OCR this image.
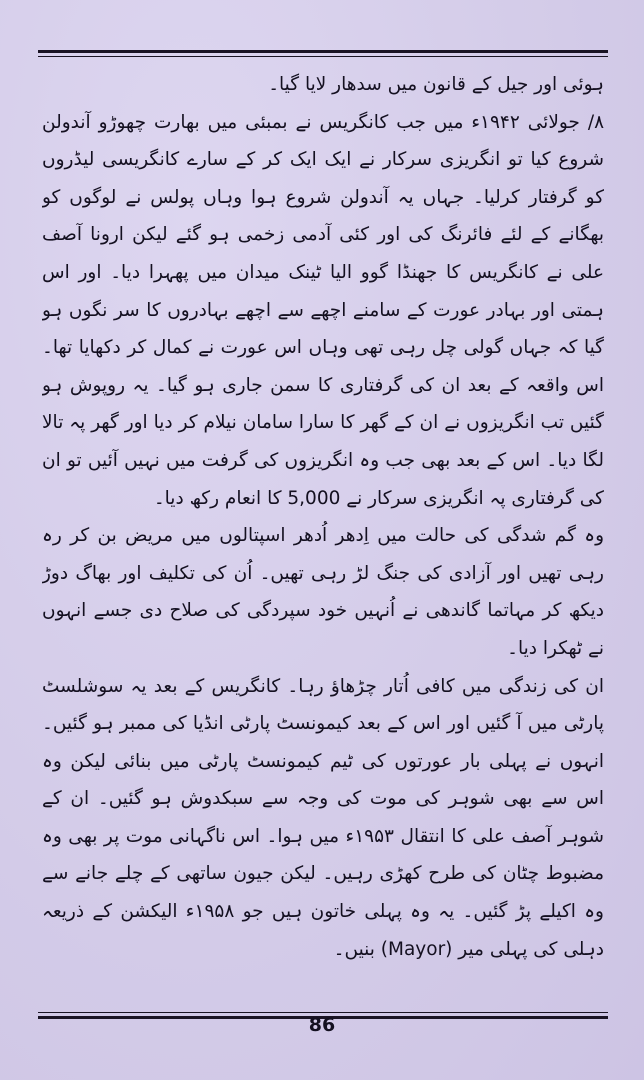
ہوئی اور جیل کے قانون میں سدھار لایا گیا۔

۸/ جولائی ۱۹۴۲ء میں جب کانگریس نے بمبئی میں بھارت چھوڑو آندولن شروع کیا تو انگریزی سرکار نے ایک ایک کر کے سارے کانگریسی لیڈروں کو گرفتار کرلیا۔ جہاں یہ آندولن شروع ہوا وہاں پولس نے لوگوں کو بھگانے کے لئے فائرنگ کی اور کئی آدمی زخمی ہو گئے لیکن ارونا آصف علی نے کانگریس کا جھنڈا گوو الیا ٹینک میدان میں پھہرا دیا۔ اور اس ہمتی اور بہادر عورت کے سامنے اچھے سے اچھے بہادروں کا سر نگوں ہو گیا کہ جہاں گولی چل رہی تھی وہاں اس عورت نے کمال کر دکھایا تھا۔ اس واقعہ کے بعد ان کی گرفتاری کا سمن جاری ہو گیا۔ یہ روپوش ہو گئیں تب انگریزوں نے ان کے گھر کا سارا سامان نیلام کر دیا اور گھر پہ تالا لگا دیا۔ اس کے بعد بھی جب وہ انگریزوں کی گرفت میں نہیں آئیں تو ان کی گرفتاری پہ انگریزی سرکار نے 5,000 کا انعام رکھ دیا۔

وہ گم شدگی کی حالت میں اِدھر اُدھر اسپتالوں میں مریض بن کر رہ رہی تھیں اور آزادی کی جنگ لڑ رہی تھیں۔ اُن کی تکلیف اور بھاگ دوڑ دیکھ کر مہاتما گاندھی نے اُنہیں خود سپردگی کی صلاح دی جسے انہوں نے ٹھکرا دیا۔

ان کی زندگی میں کافی اُتار چڑھاؤ رہا۔ کانگریس کے بعد یہ سوشلسٹ پارٹی میں آ گئیں اور اس کے بعد کیمونسٹ پارٹی انڈیا کی ممبر ہو گئیں۔ انہوں نے پہلی بار عورتوں کی ٹیم کیمونسٹ پارٹی میں بنائی لیکن وہ اس سے بھی شوہر کی موت کی وجہ سے سبکدوش ہو گئیں۔ ان کے شوہر آصف علی کا انتقال ۱۹۵۳ء میں ہوا۔ اس ناگہانی موت پر بھی وہ مضبوط چٹان کی طرح کھڑی رہیں۔ لیکن جیون ساتھی کے چلے جانے سے وہ اکیلے پڑ گئیں۔ یہ وہ پہلی خاتون ہیں جو ۱۹۵۸ء الیکشن کے ذریعہ دہلی کی پہلی میر (Mayor) بنیں۔

86
